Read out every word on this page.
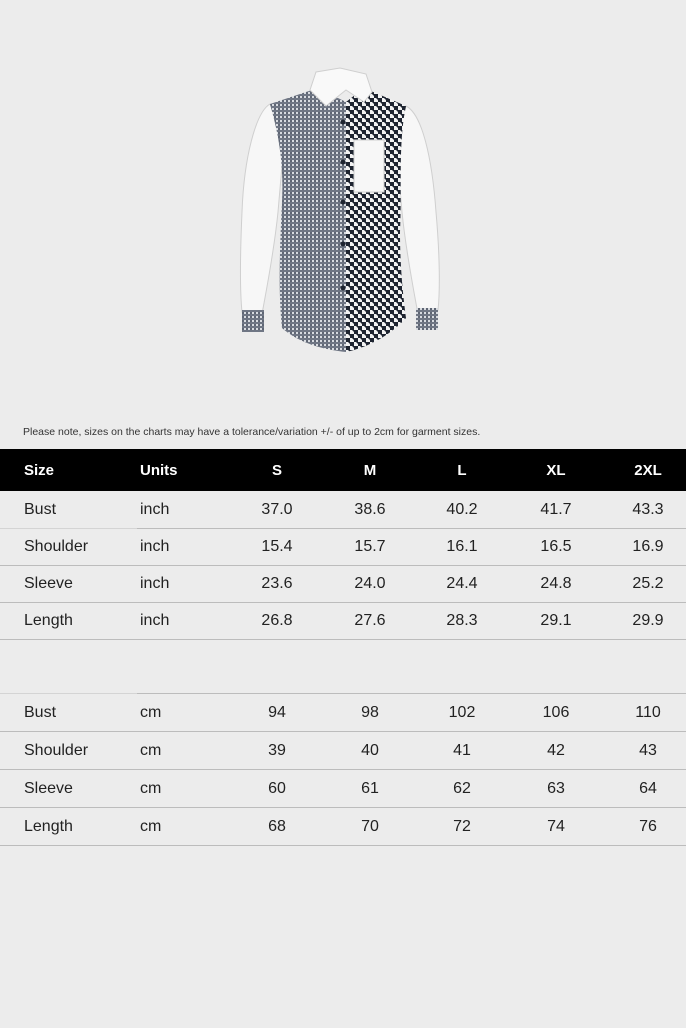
Please note, sizes on the charts may have a tolerance/variation +/- of up to 2cm for garment sizes.
Size	Units	S	M	L	XL	2XL
Bust	inch	37.0	38.6	40.2	41.7	43.3
Shoulder	inch	15.4	15.7	16.1	16.5	16.9
Sleeve	inch	23.6	24.0	24.4	24.8	25.2
Length	inch	26.8	27.6	28.3	29.1	29.9
Bust	cm	94	98	102	106	110
Shoulder	cm	39	40	41	42	43
Sleeve	cm	60	61	62	63	64
Length	cm	68	70	72	74	76
